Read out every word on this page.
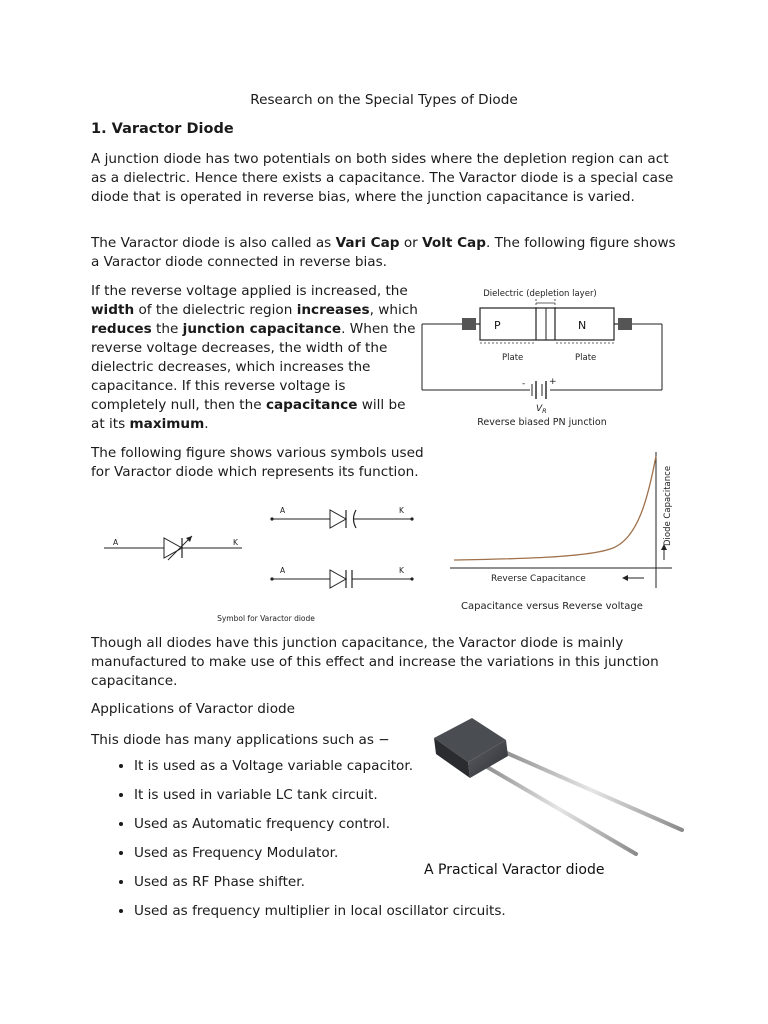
Research on the Special Types of Diode
1. Varactor Diode

A junction diode has two potentials on both sides where the depletion region can act as a dielectric. Hence there exists a capacitance. The Varactor diode is a special case diode that is operated in reverse bias, where the junction capacitance is varied.

The Varactor diode is also called as Vari Cap or Volt Cap. The following figure shows a Varactor diode connected in reverse bias.

If the reverse voltage applied is increased, the width of the dielectric region increases, which reduces the junction capacitance. When the reverse voltage decreases, the width of the dielectric decreases, which increases the capacitance. If this reverse voltage is completely null, then the capacitance will be at its maximum.

The following figure shows various symbols used for Varactor diode which represents its function.

Dielectric (depletion layer)
P	N
Plate	Plate
-	+
$V_R$
Reverse biased PN junction
A	K
A	K
A	K
Symbol for Varactor diode
Diode Capacitance
Reverse Capacitance
Capacitance versus Reverse voltage

Though all diodes have this junction capacitance, the Varactor diode is mainly manufactured to make use of this effect and increase the variations in this junction capacitance.

Applications of Varactor diode

This diode has many applications such as −

• It is used as a Voltage variable capacitor.
• It is used in variable LC tank circuit.
• Used as Automatic frequency control.
• Used as Frequency Modulator.
• Used as RF Phase shifter.
• Used as frequency multiplier in local oscillator circuits.
A Practical Varactor diode
